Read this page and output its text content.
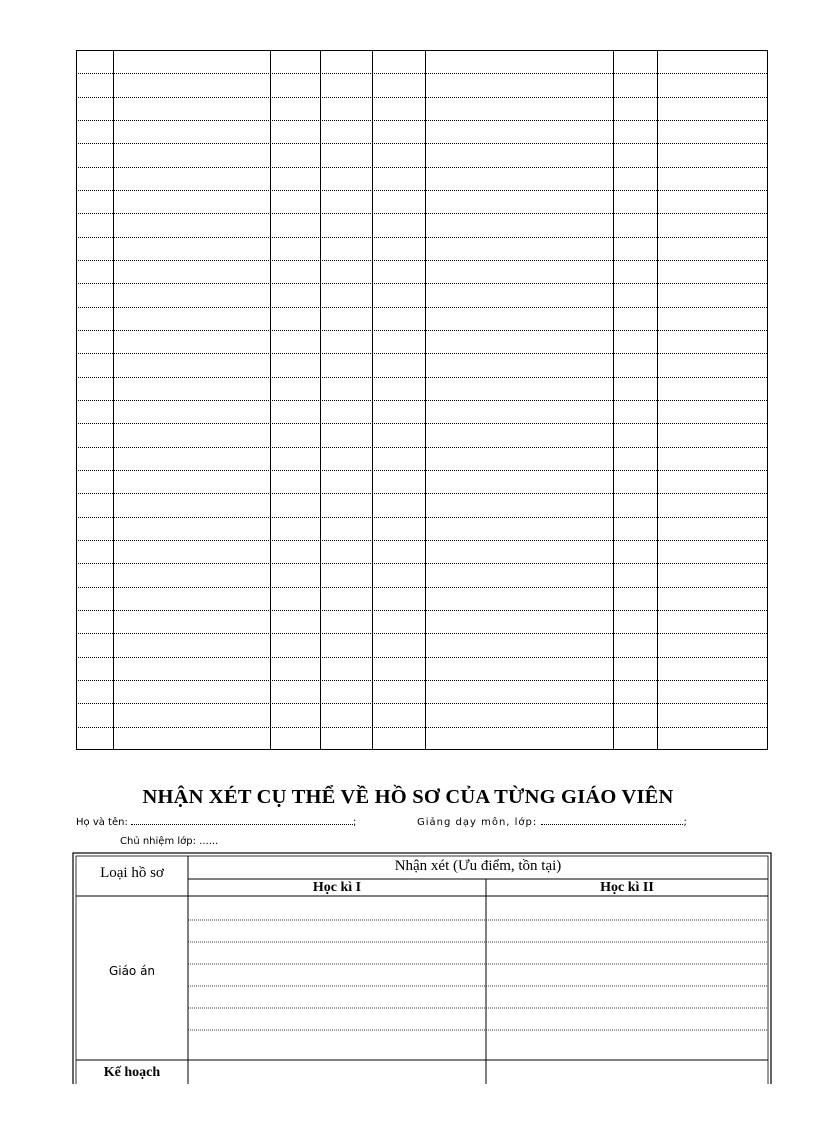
NHẬN XÉT CỤ THỂ VỀ HỒ SƠ CỦA TỪNG GIÁO VIÊN
Họ và tên:	;	Giảng dạy môn, lớp:	;
Chủ nhiệm lớp: ......
Loại hồ sơ	Nhận xét (Ưu điểm, tồn tại)
Học kì I	Học kì II
Giáo án
Kế hoạch
